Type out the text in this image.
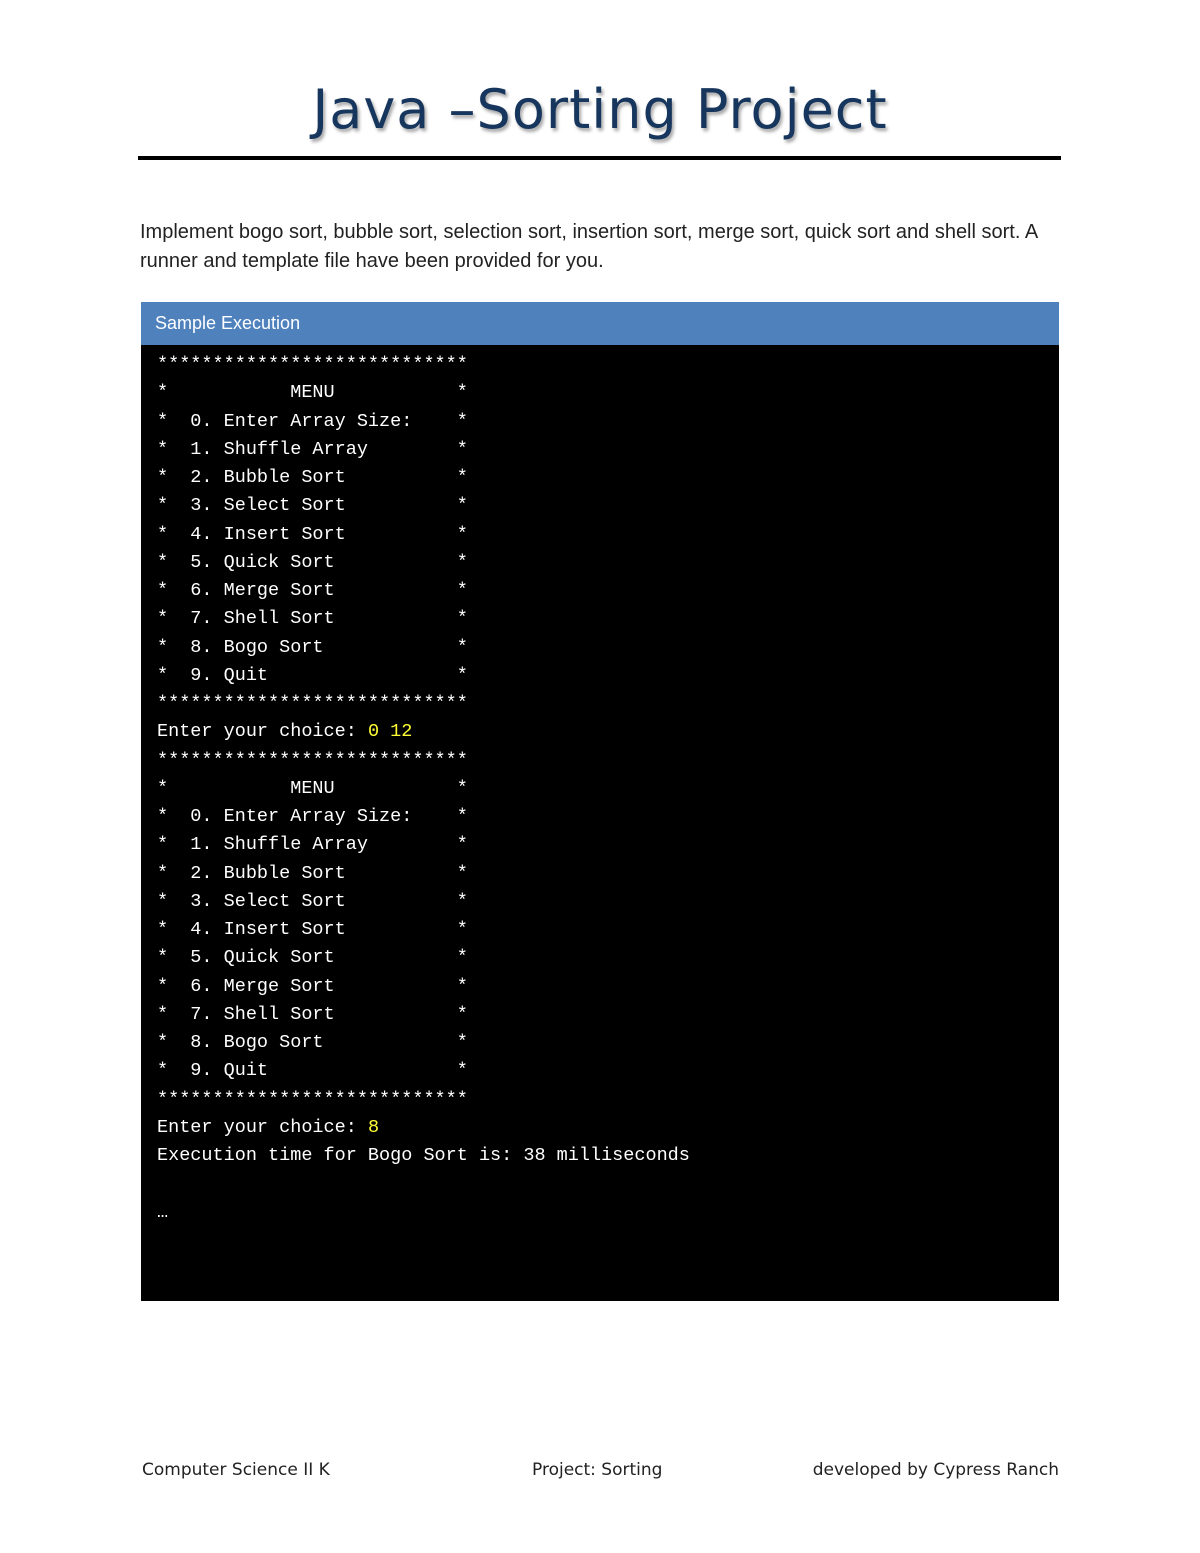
Java –Sorting Project

Implement bogo sort, bubble sort, selection sort, insertion sort, merge sort, quick sort and shell sort. A runner and template file have been provided for you.

Sample Execution
****************************
*           MENU           *
*  0. Enter Array Size:    *
*  1. Shuffle Array        *
*  2. Bubble Sort          *
*  3. Select Sort          *
*  4. Insert Sort          *
*  5. Quick Sort           *
*  6. Merge Sort           *
*  7. Shell Sort           *
*  8. Bogo Sort            *
*  9. Quit                 *
****************************
Enter your choice: 0 12
****************************
*           MENU           *
*  0. Enter Array Size:    *
*  1. Shuffle Array        *
*  2. Bubble Sort          *
*  3. Select Sort          *
*  4. Insert Sort          *
*  5. Quick Sort           *
*  6. Merge Sort           *
*  7. Shell Sort           *
*  8. Bogo Sort            *
*  9. Quit                 *
****************************
Enter your choice: 8
Execution time for Bogo Sort is: 38 milliseconds
…
Computer Science II K	Project: Sorting	developed by Cypress Ranch
